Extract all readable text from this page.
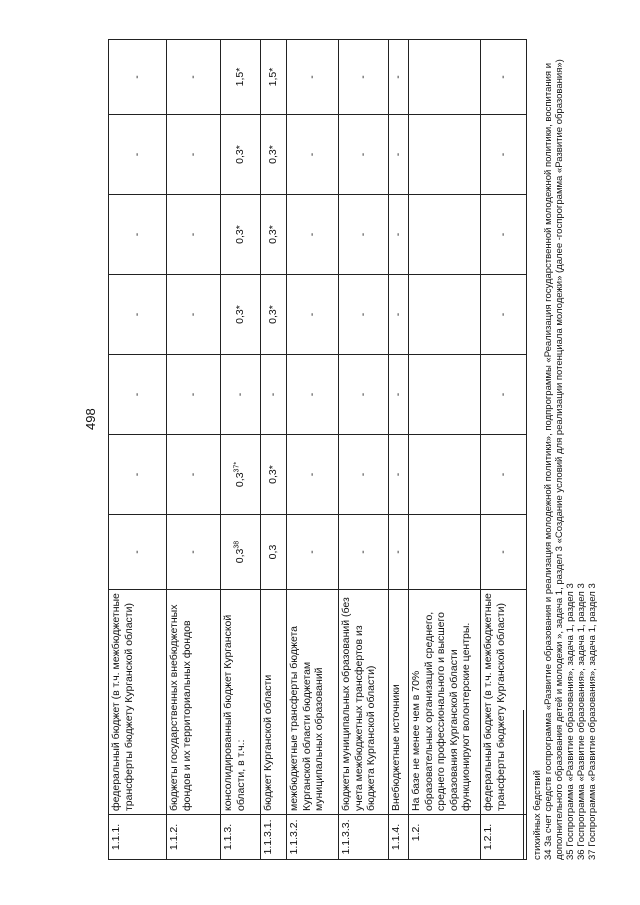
498
1.1.1.	федеральный бюджет (в т.ч. межбюджетные трансферты бюджету Курганской области)	-	-	-	-	-	-	-
1.1.2.	бюджеты государственных внебюджетных фондов и их территориальных фондов	-	-	-	-	-	-	-
1.1.3.	консолидированный бюджет Курганской области, в т.ч.:	$0,3^{38}$	$0,3^{37*}$	-	0,3*	0,3*	0,3*	1,5*
1.1.3.1.	бюджет Курганской области	0,3	0,3*	-	0,3*	0,3*	0,3*	1,5*
1.1.3.2.	межбюджетные трансферты бюджета Курганской области бюджетам муниципальных образований	-	-	-	-	-	-	-
1.1.3.3.	бюджеты муниципальных образований (без учета межбюджетных трансфертов из бюджета Курганской области)	-	-	-	-	-	-	-
1.1.4.	Внебюджетные источники	-	-	-	-	-	-	-
1.2.	На базе не менее чем в 70% образовательных организаций среднего, среднего профессионального и высшего образования Курганской области функционируют волонтерские центры.							
1.2.1.	федеральный бюджет (в т.ч. межбюджетные трансферты бюджету Курганской области)	-	-	-	-	-	-	-

стихийных бедствий 34 За счет средств госпрограмма «Развитие образования и реализация молодежной политики», подпрограммы «Реализация государственной молодежной политики, воспитания и дополнительного образования детей и молодежи », задача 1, раздел 3 «Создание условий для реализации потенциала молодежи» (далее -госпрограмма «Развитие образования») 35 Госпрограмма «Развитие образования», задача 1, раздел 3 36 Госпрограмма «Развитие образования», задача 1, раздел 3 37 Госпрограмма «Развитие образования», задача 1, раздел 3
